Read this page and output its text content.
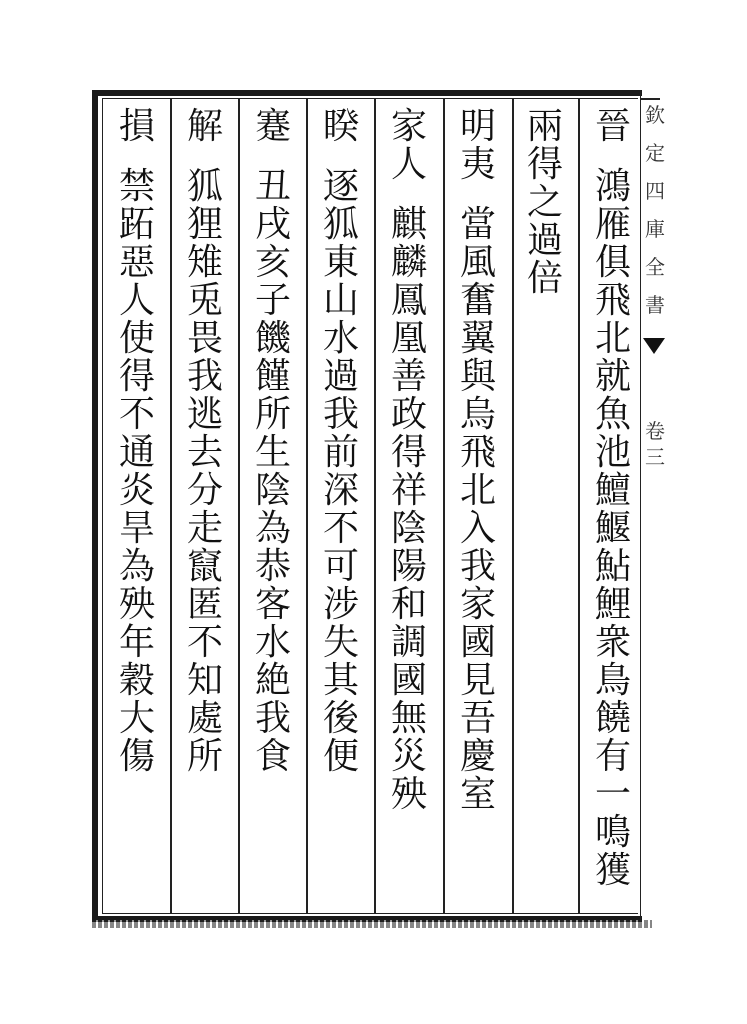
欽
定
四
庫
全
書
卷
三
晉
鴻
雁
俱
飛
北
就
魚
池
鱣
鰋
鮎
鯉
衆
鳥
饒
有
一
鳴
獲
兩
得
之
過
倍
明
夷
當
風
奮
翼
與
烏
飛
北
入
我
家
國
見
吾
慶
室
家
人
麒
麟
鳳
凰
善
政
得
祥
陰
陽
和
調
國
無
災
殃
睽
逐
狐
東
山
水
過
我
前
深
不
可
涉
失
其
後
便
蹇
丑
戌
亥
子
饑
饉
所
生
陰
為
恭
客
水
絶
我
食
解
狐
狸
雉
兎
畏
我
逃
去
分
走
竄
匿
不
知
處
所
損
禁
跖
惡
人
使
得
不
通
炎
旱
為
殃
年
穀
大
傷
